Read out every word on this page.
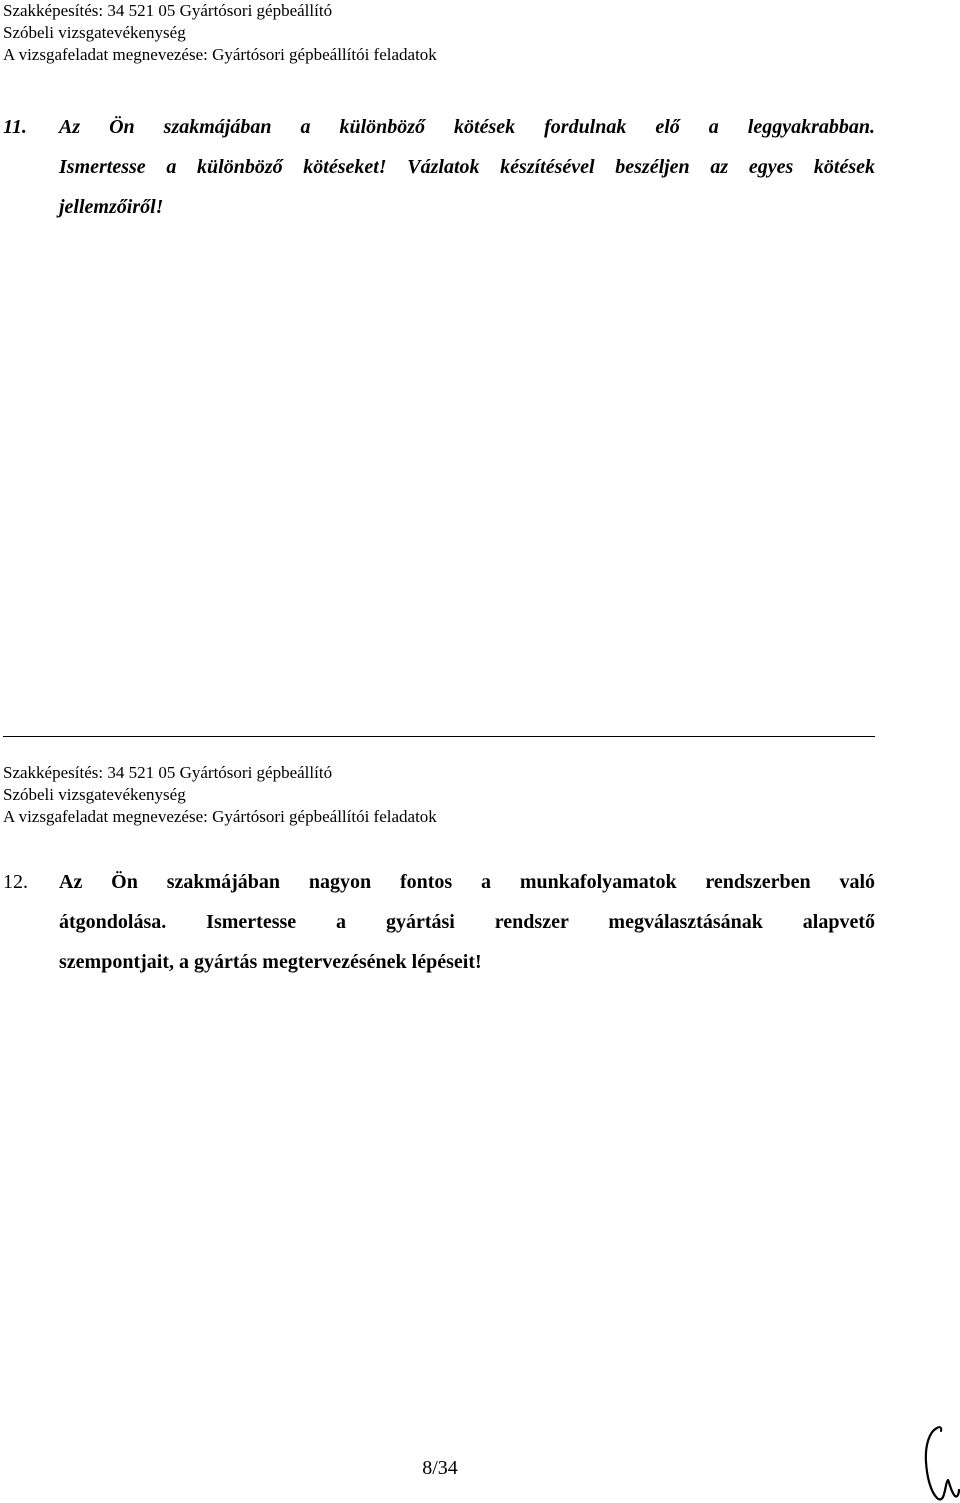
Szakképesítés: 34 521 05 Gyártósori gépbeállító
Szóbeli vizsgatevékenység
A vizsgafeladat megnevezése: Gyártósori gépbeállítói feladatok
11.	Az Ön szakmájában a különböző kötések fordulnak elő a leggyakrabban.
Ismertesse a különböző kötéseket! Vázlatok készítésével beszéljen az egyes kötések
jellemzőiről!
Szakképesítés: 34 521 05 Gyártósori gépbeállító
Szóbeli vizsgatevékenység
A vizsgafeladat megnevezése: Gyártósori gépbeállítói feladatok
12.	Az Ön szakmájában nagyon fontos a munkafolyamatok rendszerben való
átgondolása. Ismertesse a gyártási rendszer megválasztásának alapvető
szempontjait, a gyártás megtervezésének lépéseit!
8/34
